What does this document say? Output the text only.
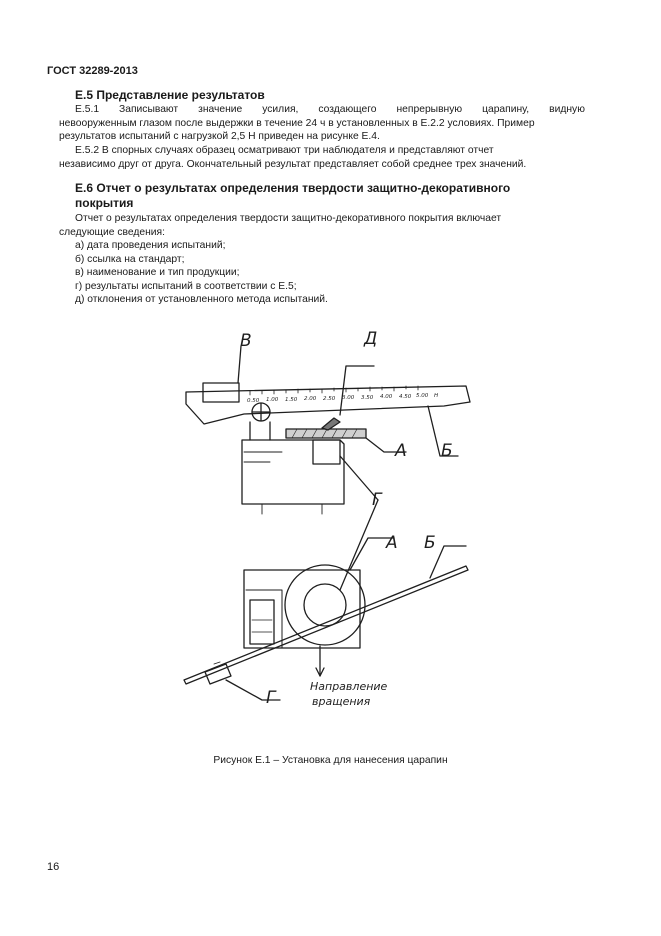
ГОСТ 32289-2013
Е.5 Представление результатов
Е.5.1 Записывают значение усилия, создающего непрерывную царапину, видную
невооруженным глазом после выдержки в течение 24 ч в установленных в Е.2.2 условиях. Пример
результатов испытаний с нагрузкой 2,5 Н приведен на рисунке Е.4.
Е.5.2 В спорных случаях образец осматривают три наблюдателя и представляют отчет
независимо друг от друга. Окончательный результат представляет собой среднее трех значений.
Е.6 Отчет о результатах определения твердости защитно-декоративного
покрытия
Отчет о результатах определения твердости защитно-декоративного покрытия включает
следующие сведения:
а) дата проведения испытаний;
б) ссылка на стандарт;
в) наименование и тип продукции;
г) результаты испытаний в соответствии с Е.5;
д) отклонения от установленного метода испытаний.
0.50 1.00 1.50 2.00 2.50 3.00 3.50 4.00 4.50 5.00 Н
В	Д
А Б
Г
А Б
Г
Направление
вращения
Рисунок Е.1 – Установка для нанесения царапин
16
